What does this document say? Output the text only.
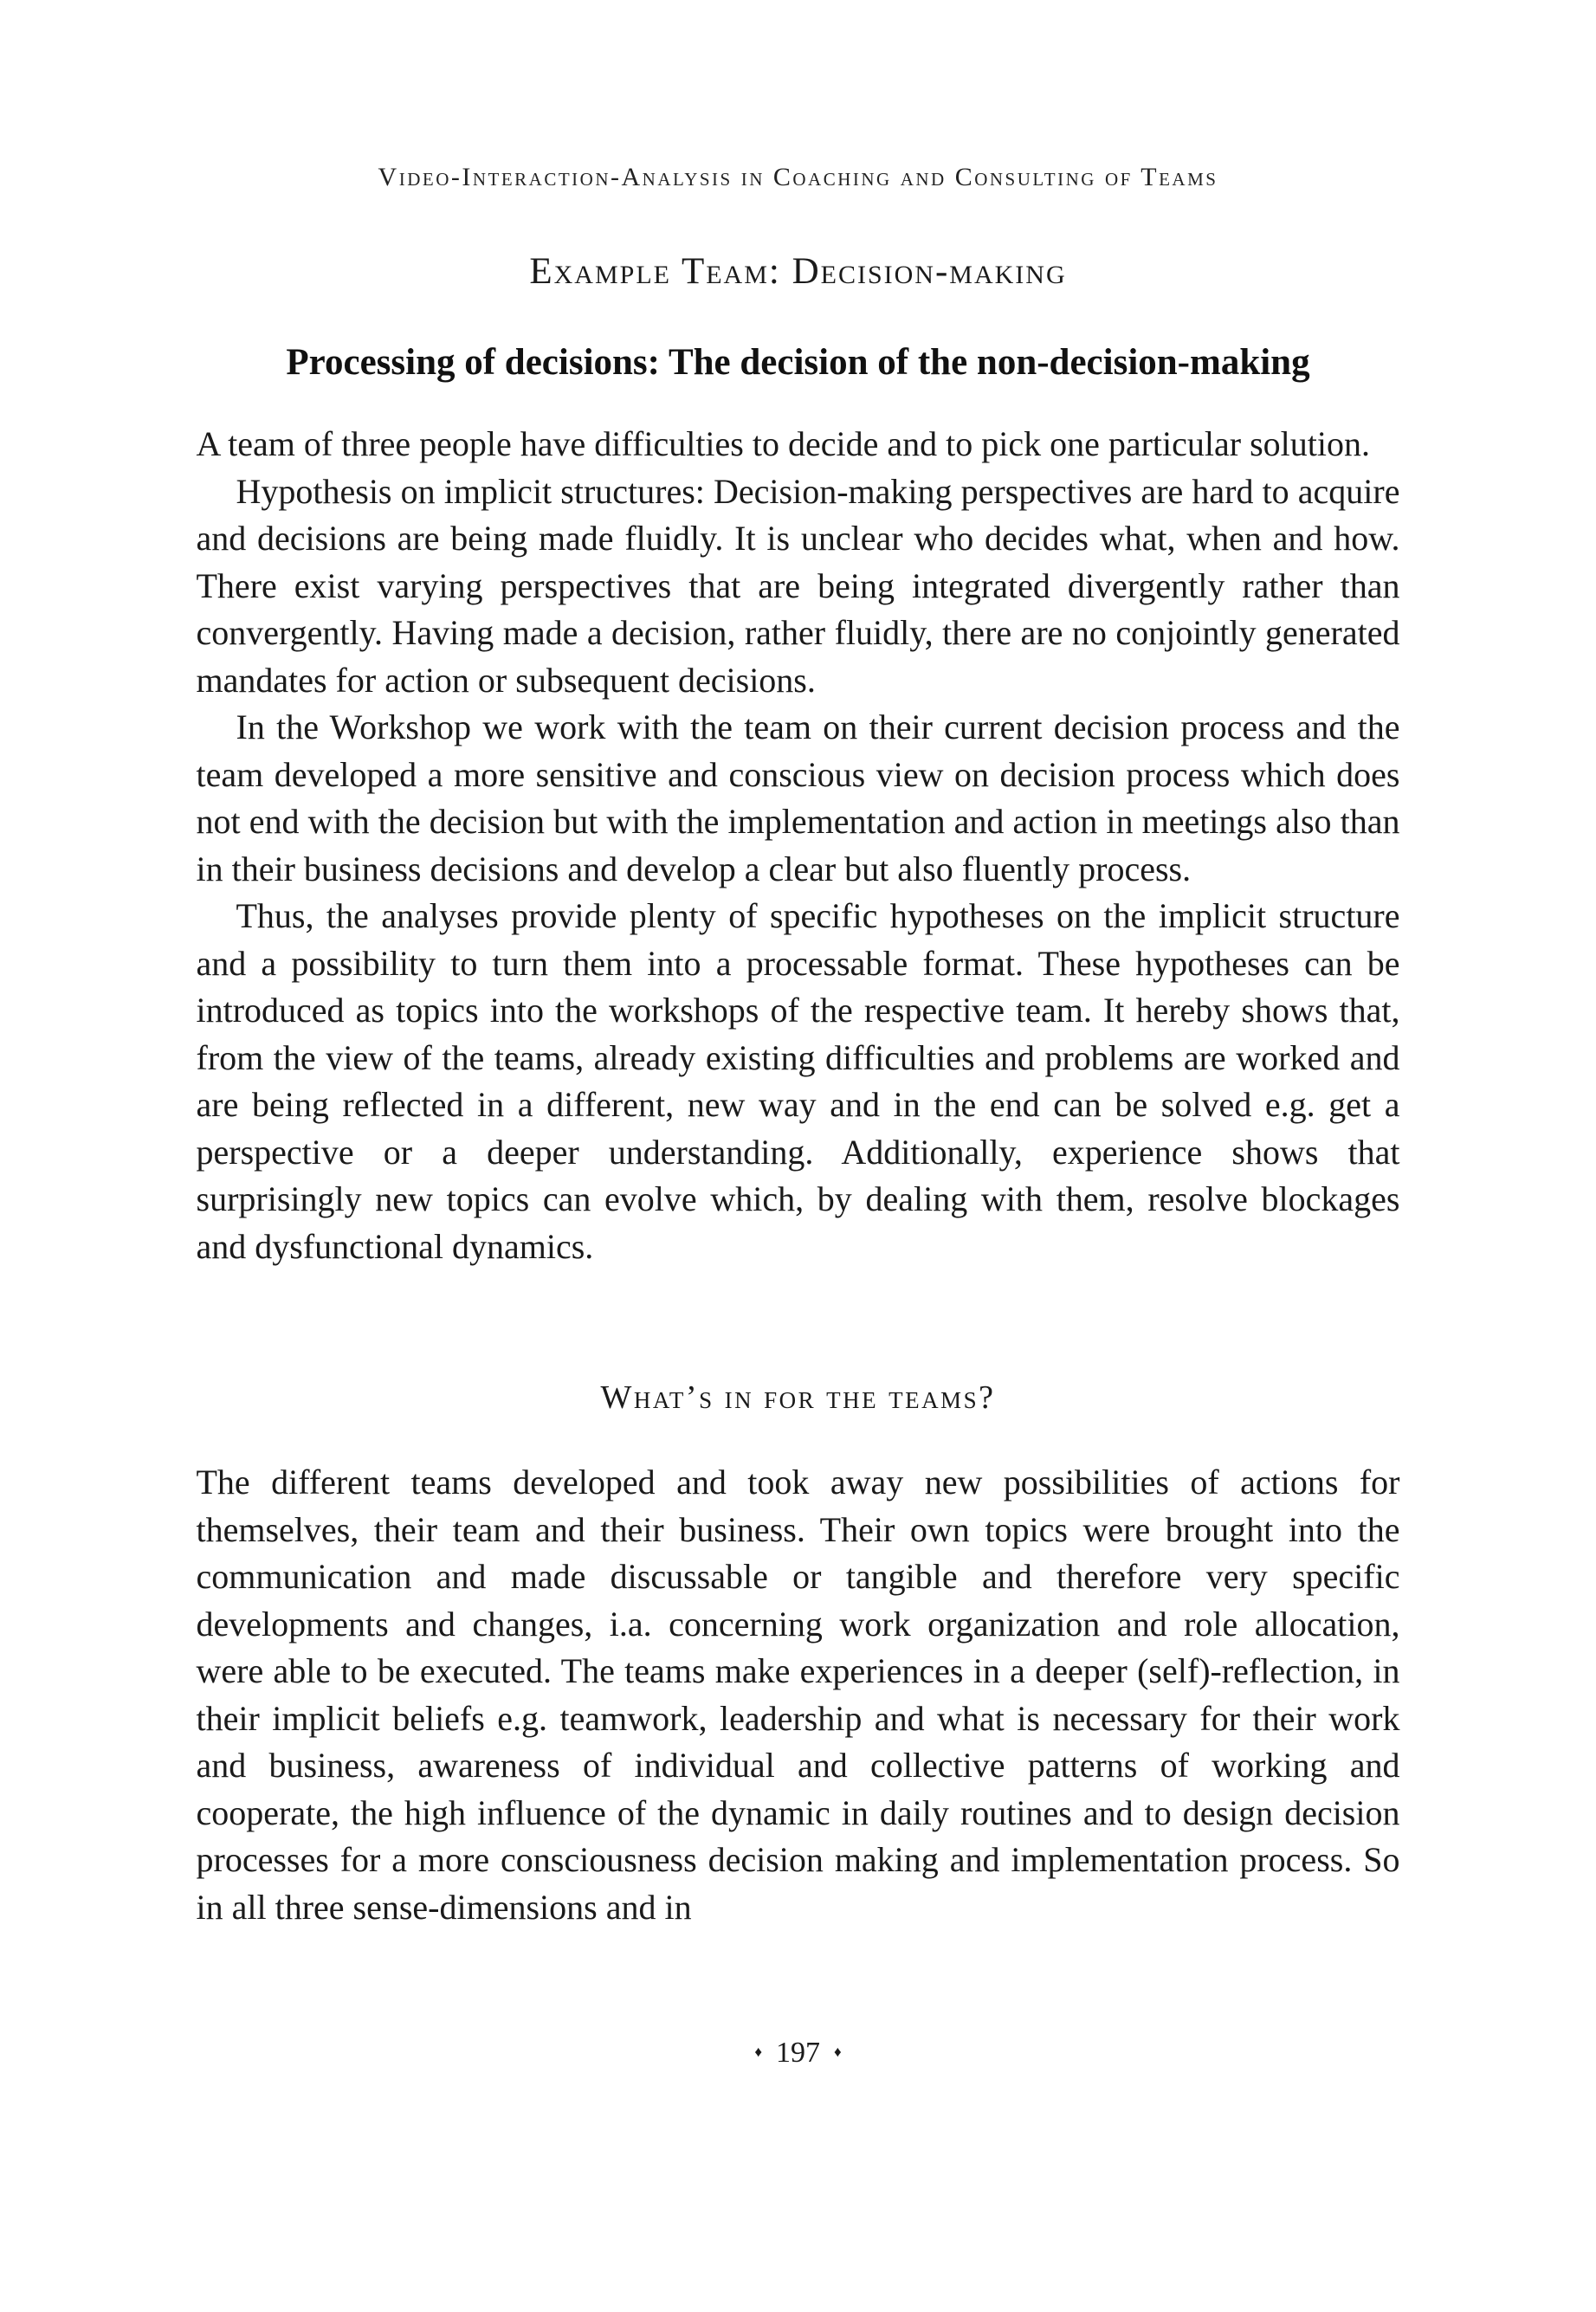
Video-Interaction-Analysis in Coaching and Consulting of Teams
Example Team: Decision-making
Processing of decisions: The decision of the non-decision-making

A team of three people have difficulties to decide and to pick one particular solution.

Hypothesis on implicit structures: Decision-making perspectives are hard to acquire and decisions are being made fluidly. It is unclear who decides what, when and how. There exist varying perspectives that are being integrated divergently rather than convergently. Having made a decision, rather fluidly, there are no conjointly generated mandates for action or subsequent decisions.

In the Workshop we work with the team on their current decision process and the team developed a more sensitive and conscious view on decision process which does not end with the decision but with the implementation and action in meetings also than in their business decisions and develop a clear but also fluently process.

Thus, the analyses provide plenty of specific hypotheses on the implicit structure and a possibility to turn them into a processable format. These hypotheses can be introduced as topics into the workshops of the respective team. It hereby shows that, from the view of the teams, already existing difficulties and problems are worked and are being reflected in a different, new way and in the end can be solved e.g. get a perspective or a deeper understanding. Additionally, experience shows that surprisingly new topics can evolve which, by dealing with them, resolve blockages and dysfunctional dynamics.

What’s in for the teams?

The different teams developed and took away new possibilities of actions for themselves, their team and their business. Their own topics were brought into the communication and made discussable or tangible and therefore very specific developments and changes, i.a. concerning work organization and role allocation, were able to be executed. The teams make experiences in a deeper (self)-reflection, in their implicit beliefs e.g. teamwork, leadership and what is necessary for their work and business, awareness of individual and collective patterns of working and cooperate, the high influence of the dynamic in daily routines and to design decision processes for a more consciousness decision making and implementation process. So in all three sense-dimensions and in

♦ 197 ♦
